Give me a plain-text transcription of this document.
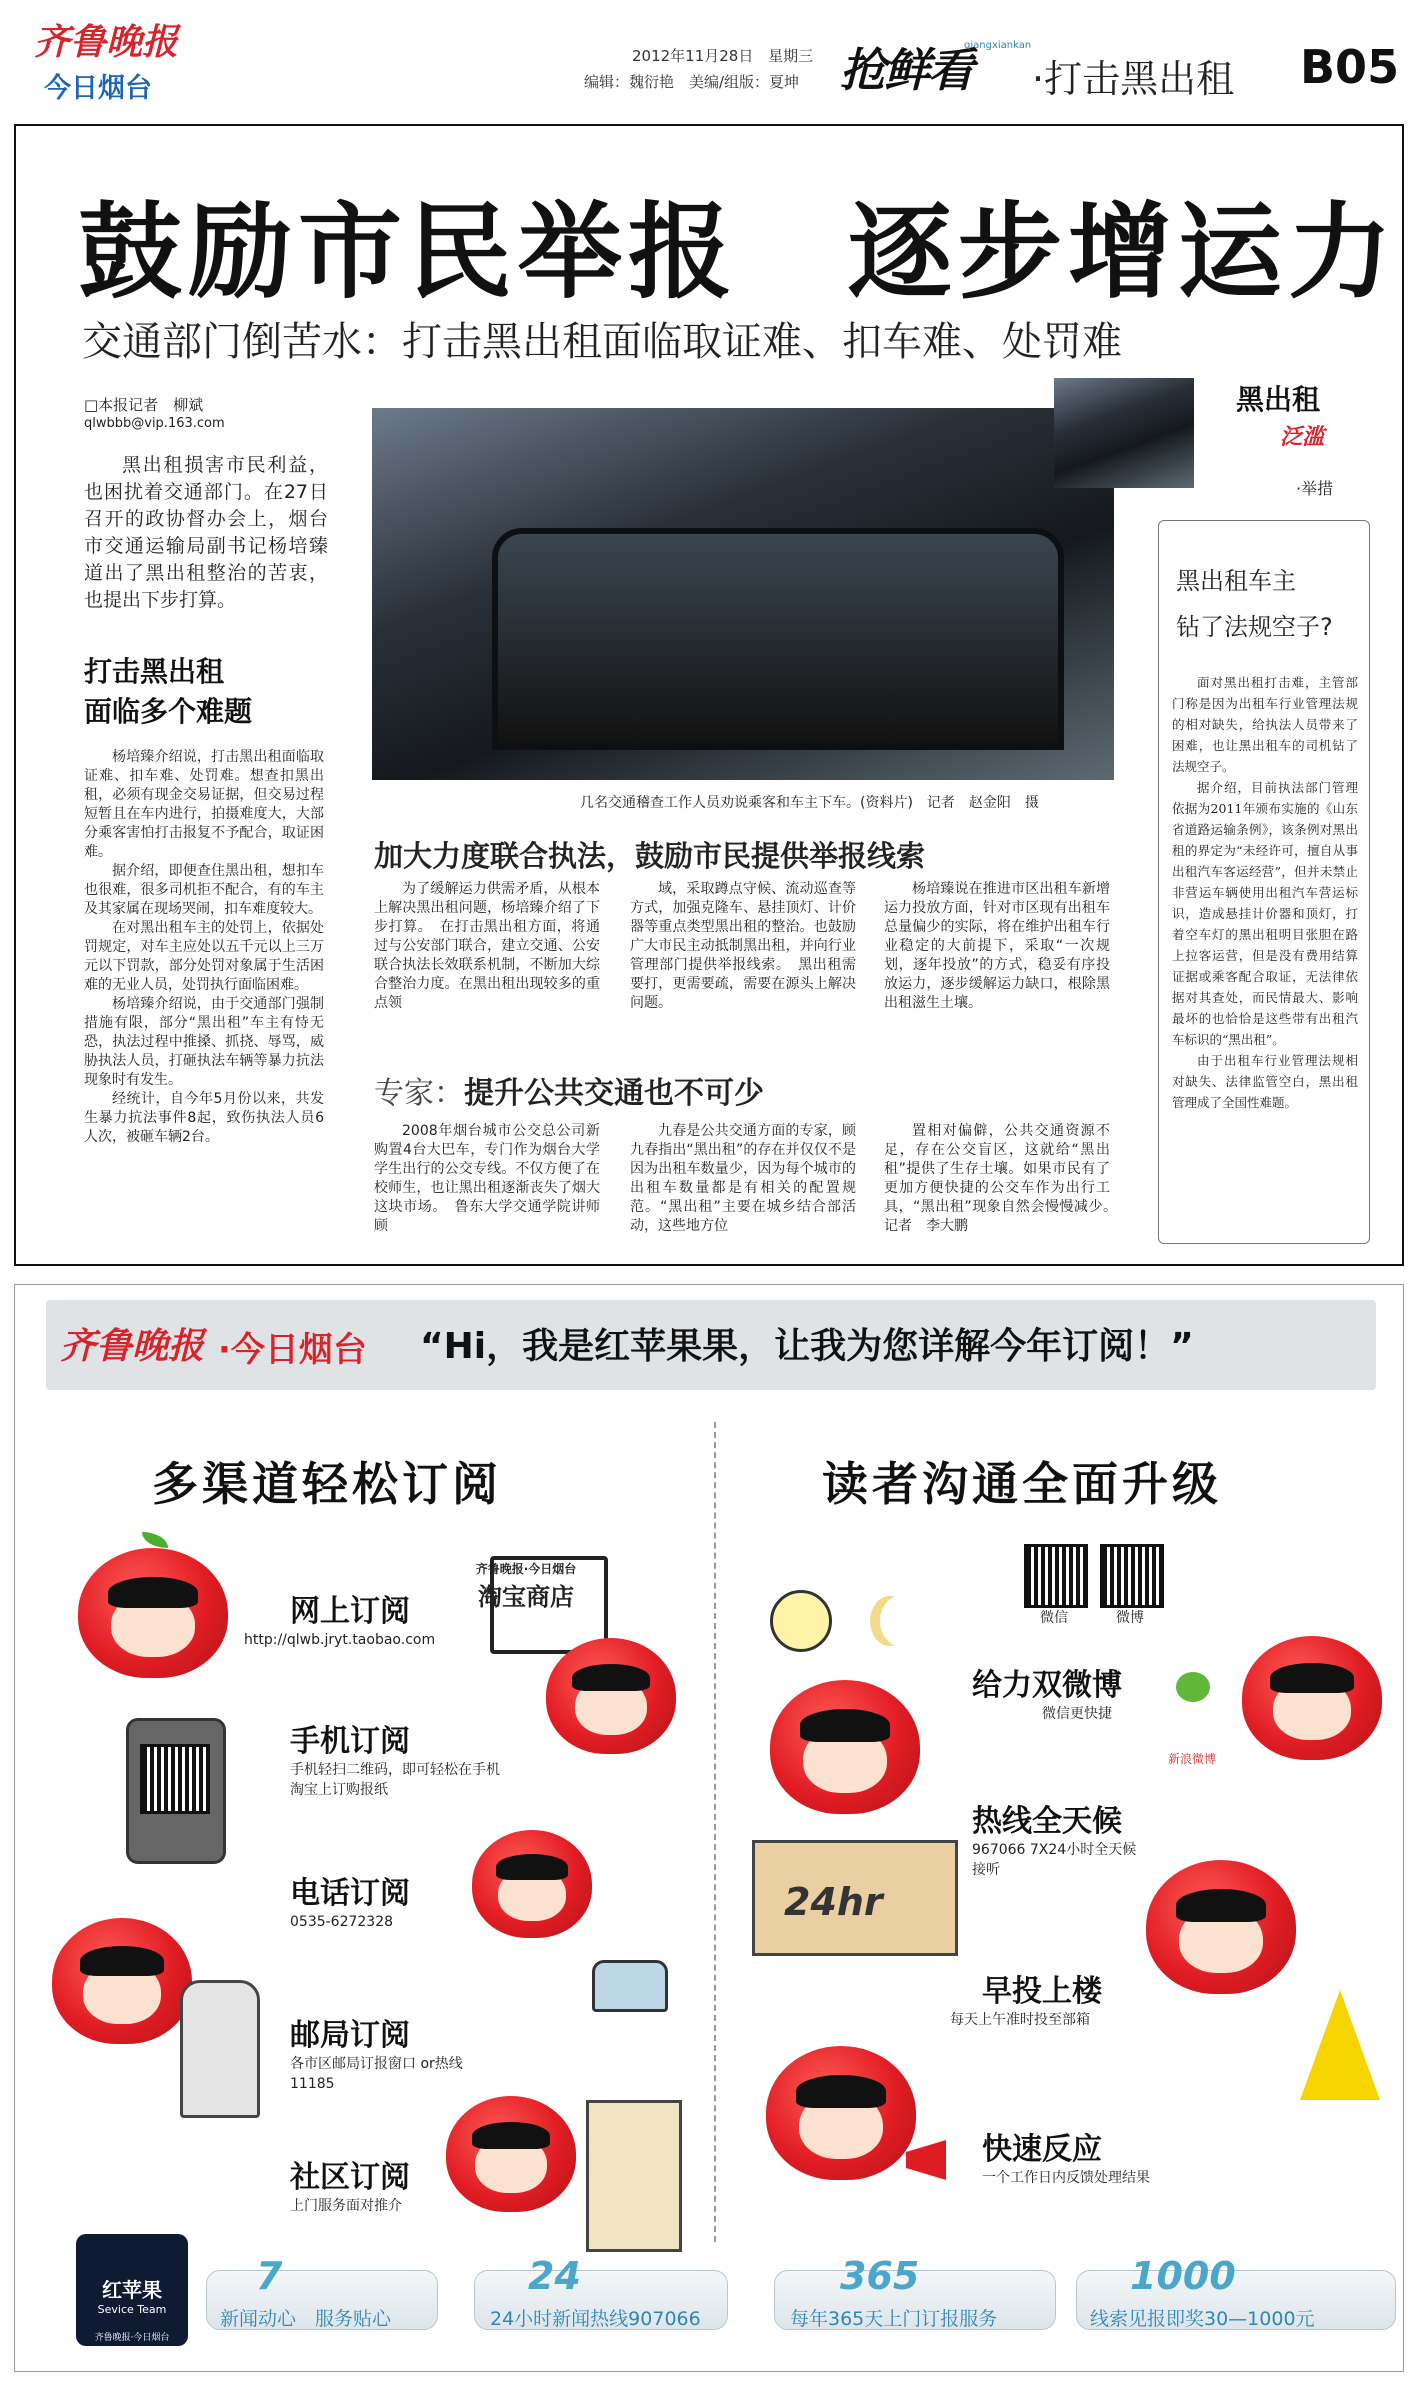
齐鲁晚报
今日烟台
2012年11月28日 星期三
编辑：魏衍艳　美编/组版：夏坤 抢鲜看
qiangxiankan
·打击黑出租 B05
鼓励市民举报　逐步增运力
交通部门倒苦水：打击黑出租面临取证难、扣车难、处罚难
□本报记者　柳斌
qlwbbb@vip.163.com

黑出租损害市民利益，也困扰着交通部门。在27日召开的政协督办会上，烟台市交通运输局副书记杨培臻道出了黑出租整治的苦衷，也提出下步打算。

打击黑出租
面临多个难题

杨培臻介绍说，打击黑出租面临取证难、扣车难、处罚难。想查扣黑出租，必须有现金交易证据，但交易过程短暂且在车内进行，拍摄难度大，大部分乘客害怕打击报复不予配合，取证困难。

据介绍，即便查住黑出租，想扣车也很难，很多司机拒不配合，有的车主及其家属在现场哭闹，扣车难度较大。

在对黑出租车主的处罚上，依据处罚规定，对车主应处以五千元以上三万元以下罚款，部分处罚对象属于生活困难的无业人员，处罚执行面临困难。

杨培臻介绍说，由于交通部门强制措施有限，部分“黑出租”车主有恃无恐，执法过程中推搡、抓挠、辱骂，威胁执法人员，打砸执法车辆等暴力抗法现象时有发生。

经统计，自今年5月份以来，共发生暴力抗法事件8起，致伤执法人员6人次，被砸车辆2台。

几名交通稽查工作人员劝说乘客和车主下车。(资料片)　记者　赵金阳　摄
黑出租
泛滥
·举措
加大力度联合执法，鼓励市民提供举报线索

为了缓解运力供需矛盾，从根本上解决黑出租问题，杨培臻介绍了下步打算。　在打击黑出租方面，将通过与公安部门联合，建立交通、公安联合执法长效联系机制，不断加大综合整治力度。在黑出租出现较多的重点领

域，采取蹲点守候、流动巡查等方式，加强克隆车、悬挂顶灯、计价器等重点类型黑出租的整治。也鼓励广大市民主动抵制黑出租，并向行业管理部门提供举报线索。　黑出租需要打，更需要疏，需要在源头上解决问题。

杨培臻说在推进市区出租车新增运力投放方面，针对市区现有出租车总量偏少的实际，将在维护出租车行业稳定的大前提下，采取“一次规划，逐年投放”的方式，稳妥有序投放运力，逐步缓解运力缺口，根除黑出租滋生土壤。

专家：提升公共交通也不可少

2008年烟台城市公交总公司新购置4台大巴车，专门作为烟台大学学生出行的公交专线。不仅方便了在校师生，也让黑出租逐渐丧失了烟大这块市场。　鲁东大学交通学院讲师顾

九春是公共交通方面的专家，顾九春指出“黑出租”的存在并仅仅不是因为出租车数量少，因为每个城市的出租车数量都是有相关的配置规范。“黑出租”主要在城乡结合部活动，这些地方位

置相对偏僻，公共交通资源不足，存在公交盲区，这就给“黑出租”提供了生存土壤。如果市民有了更加方便快捷的公交车作为出行工具，“黑出租”现象自然会慢慢减少。　记者　李大鹏

黑出租车主
钻了法规空子?

面对黑出租打击难，主管部门称是因为出租车行业管理法规的相对缺失，给执法人员带来了困难，也让黑出租车的司机钻了法规空子。

据介绍，目前执法部门管理依据为2011年颁布实施的《山东省道路运输条例》，该条例对黑出租的界定为“未经许可，擅自从事出租汽车客运经营”，但并未禁止非营运车辆使用出租汽车营运标识，造成悬挂计价器和顶灯，打着空车灯的黑出租明目张胆在路上拉客运营，但是没有费用结算证据或乘客配合取证，无法律依据对其查处，而民情最大、影响最坏的也恰恰是这些带有出租汽车标识的“黑出租”。

由于出租车行业管理法规相对缺失、法律监管空白，黑出租管理成了全国性难题。

齐鲁晚报 ·今日烟台 “Hi，我是红苹果果，让我为您详解今年订阅！”
多渠道轻松订阅	读者沟通全面升级
网上订阅
http://qlwb.jryt.taobao.com
手机订阅
手机轻扫二维码，即可轻松在手机淘宝上订购报纸
电话订阅
0535-6272328
邮局订阅
各市区邮局订报窗口 or热线11185
社区订阅
上门服务面对推介
齐鲁晚报·今日烟台
淘宝商店
微信	微博
给力双微博
微信更快捷
新浪微博
热线全天候
967066 7X24小时全天候接听
早投上楼
每天上午准时投至部箱
快速反应
一个工作日内反馈处理结果
24hr
红苹果
Sevice Team
齐鲁晚报·今日烟台
7
新闻动心　服务贴心
24
24小时新闻热线907066
365
每年365天上门订报服务
1000
线索见报即奖30—1000元
